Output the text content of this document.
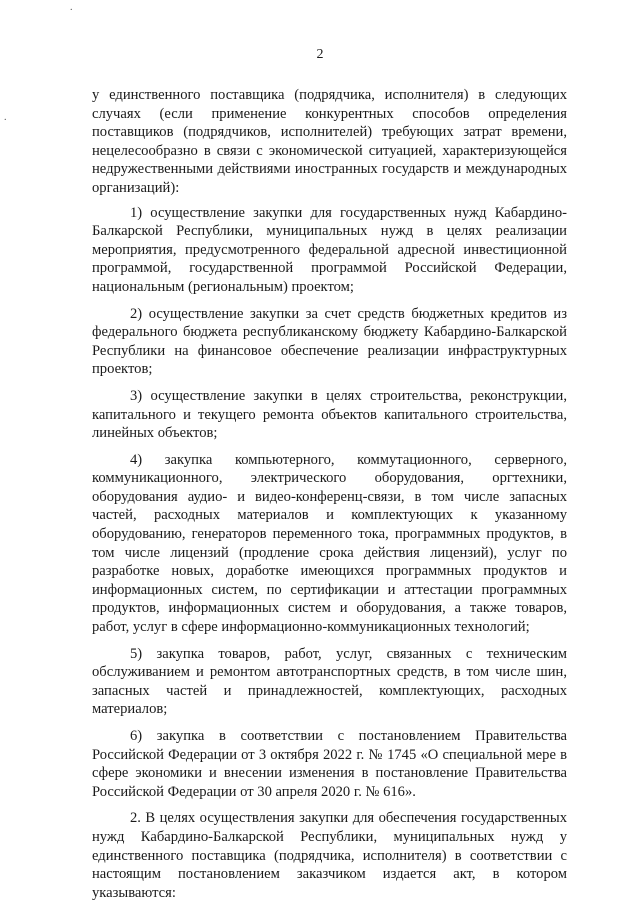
.
.
2

у единственного поставщика (подрядчика, исполнителя) в следующих случаях (если применение конкурентных способов определения поставщиков (подрядчиков, исполнителей) требующих затрат времени, нецелесообразно в связи с экономической ситуацией, характеризующейся недружественными действиями иностранных государств и международных организаций):

1) осуществление закупки для государственных нужд Кабардино-Балкарской Республики, муниципальных нужд в целях реализации мероприятия, предусмотренного федеральной адресной инвестиционной программой, государственной программой Российской Федерации, национальным (региональным) проектом;

2) осуществление закупки за счет средств бюджетных кредитов из федерального бюджета республиканскому бюджету Кабардино-Балкарской Республики на финансовое обеспечение реализации инфраструктурных проектов;

3) осуществление закупки в целях строительства, реконструкции, капитального и текущего ремонта объектов капитального строительства, линейных объектов;

4) закупка компьютерного, коммутационного, серверного, коммуникационного, электрического оборудования, оргтехники, оборудования аудио- и видео-конференц-связи, в том числе запасных частей, расходных материалов и комплектующих к указанному оборудованию, генераторов переменного тока, программных продуктов, в том числе лицензий (продление срока действия лицензий), услуг по разработке новых, доработке имеющихся программных продуктов и информационных систем, по сертификации и аттестации программных продуктов, информационных систем и оборудования, а также товаров, работ, услуг в сфере информационно-коммуникационных технологий;

5) закупка товаров, работ, услуг, связанных с техническим обслуживанием и ремонтом автотранспортных средств, в том числе шин, запасных частей и принадлежностей, комплектующих, расходных материалов;

6) закупка в соответствии с постановлением Правительства Российской Федерации от 3 октября 2022 г. № 1745 «О специальной мере в сфере экономики и внесении изменения в постановление Правительства Российской Федерации от 30 апреля 2020 г. № 616».

2. В целях осуществления закупки для обеспечения государственных нужд Кабардино-Балкарской Республики, муниципальных нужд у единственного поставщика (подрядчика, исполнителя) в соответствии с настоящим постановлением заказчиком издается акт, в котором указываются:
